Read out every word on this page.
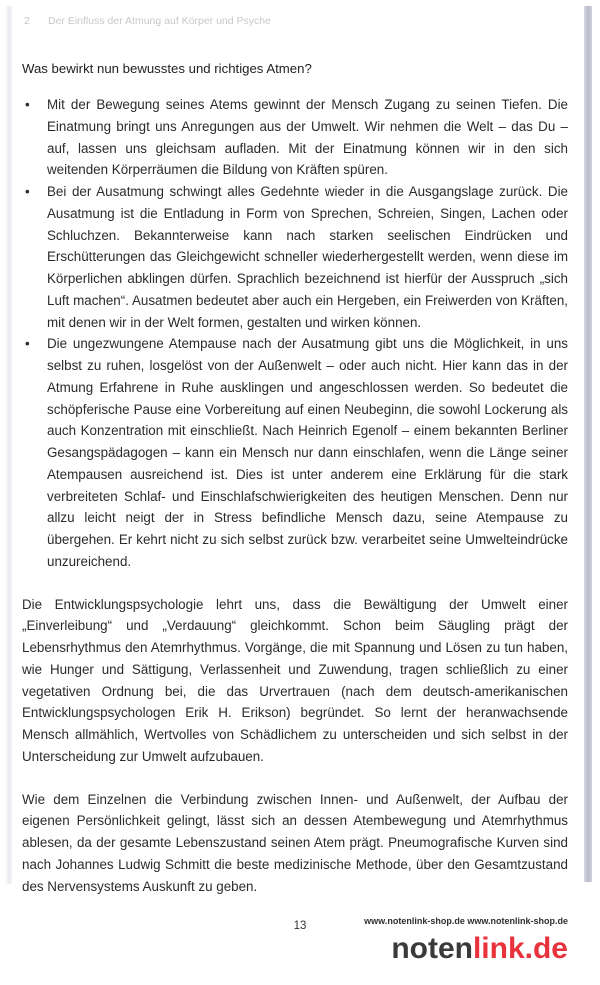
2 Der Einfluss der Atmung auf Körper und Psyche
Was bewirkt nun bewusstes und richtiges Atmen?
• Mit der Bewegung seines Atems gewinnt der Mensch Zugang zu seinen Tiefen. Die Einatmung bringt uns Anregungen aus der Umwelt. Wir nehmen die Welt – das Du – auf, lassen uns gleichsam aufladen. Mit der Einatmung können wir in den sich weitenden Körperräumen die Bildung von Kräften spüren.
• Bei der Ausatmung schwingt alles Gedehnte wieder in die Ausgangslage zurück. Die Ausatmung ist die Entladung in Form von Sprechen, Schreien, Singen, Lachen oder Schluchzen. Bekannterweise kann nach starken seelischen Eindrücken und Erschütterungen das Gleichgewicht schneller wiederhergestellt werden, wenn diese im Körperlichen abklingen dürfen. Sprachlich bezeichnend ist hierfür der Ausspruch „sich Luft machen“. Ausatmen bedeutet aber auch ein Hergeben, ein Freiwerden von Kräften, mit denen wir in der Welt formen, gestalten und wirken können.
• Die ungezwungene Atempause nach der Ausatmung gibt uns die Möglichkeit, in uns selbst zu ruhen, losgelöst von der Außenwelt – oder auch nicht. Hier kann das in der Atmung Erfahrene in Ruhe ausklingen und angeschlossen werden. So bedeutet die schöpferische Pause eine Vorbereitung auf einen Neubeginn, die sowohl Lockerung als auch Konzentration mit einschließt. Nach Heinrich Egenolf – einem bekannten Berliner Gesangspädagogen – kann ein Mensch nur dann einschlafen, wenn die Länge seiner Atempausen ausreichend ist. Dies ist unter anderem eine Erklärung für die stark verbreiteten Schlaf- und Einschlafschwierigkeiten des heutigen Menschen. Denn nur allzu leicht neigt der in Stress befindliche Mensch dazu, seine Atempause zu übergehen. Er kehrt nicht zu sich selbst zurück bzw. verarbeitet seine Umwelteindrücke unzureichend.

Die Entwicklungspsychologie lehrt uns, dass die Bewältigung der Umwelt einer „Einverleibung“ und „Verdauung“ gleichkommt. Schon beim Säugling prägt der Lebensrhythmus den Atemrhythmus. Vorgänge, die mit Spannung und Lösen zu tun haben, wie Hunger und Sättigung, Verlassenheit und Zuwendung, tragen schließlich zu einer vegetativen Ordnung bei, die das Urvertrauen (nach dem deutsch-amerikanischen Entwicklungspsychologen Erik H. Erikson) begründet. So lernt der heranwachsende Mensch allmählich, Wertvolles von Schädlichem zu unterscheiden und sich selbst in der Unterscheidung zur Umwelt aufzubauen.

Wie dem Einzelnen die Verbindung zwischen Innen- und Außenwelt, der Aufbau der eigenen Persönlichkeit gelingt, lässt sich an dessen Atembewegung und Atemrhythmus ablesen, da der gesamte Lebenszustand seinen Atem prägt. Pneumografische Kurven sind nach Johannes Ludwig Schmitt die beste medizinische Methode, über den Gesamtzustand des Nervensystems Auskunft zu geben.

13	www.notenlink-shop.de www.notenlink-shop.de
notenlink.de
